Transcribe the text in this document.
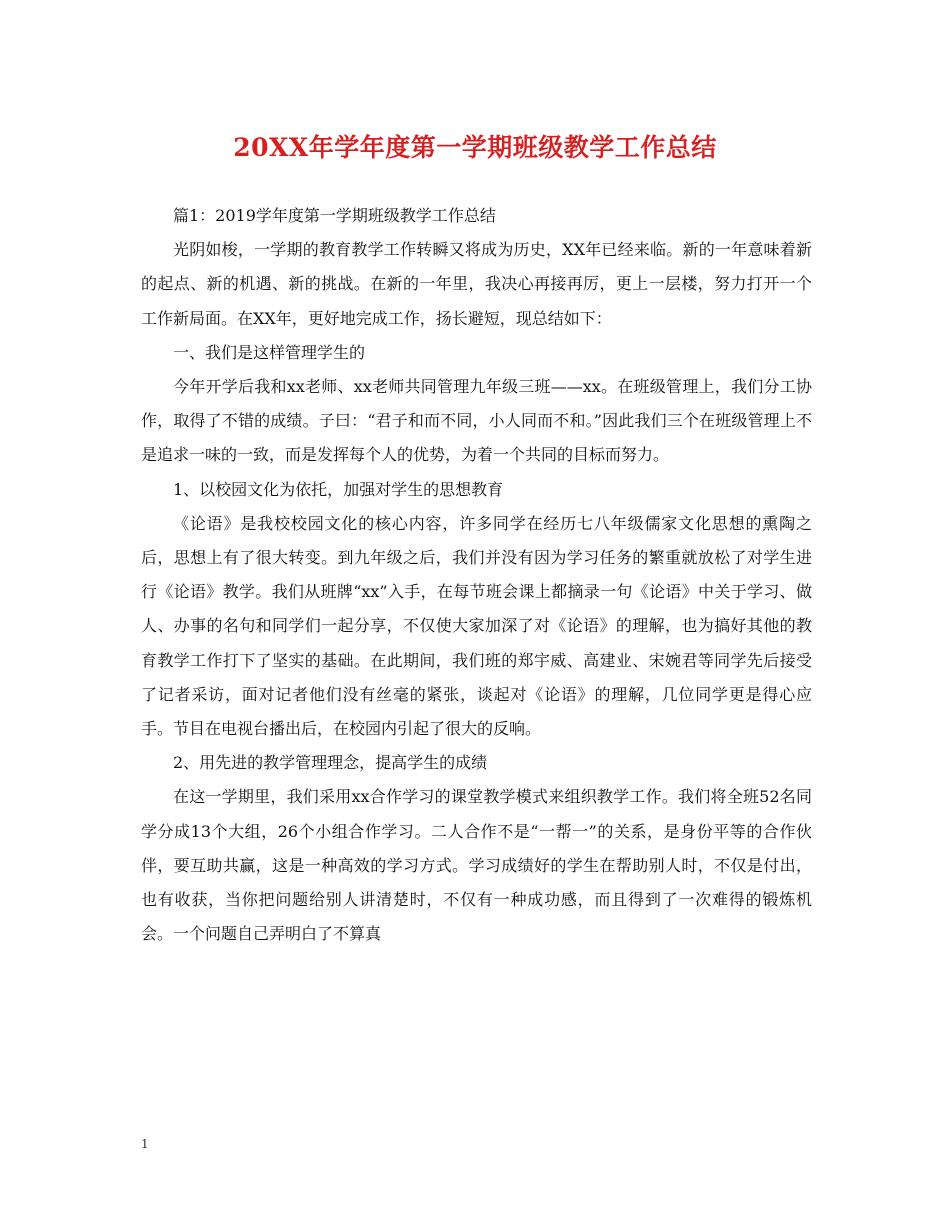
20XX年学年度第一学期班级教学工作总结

篇1：2019学年度第一学期班级教学工作总结

光阴如梭，一学期的教育教学工作转瞬又将成为历史，XX年已经来临。新的一年意味着新的起点、新的机遇、新的挑战。在新的一年里，我决心再接再厉，更上一层楼，努力打开一个工作新局面。在XX年，更好地完成工作，扬长避短，现总结如下：

一、我们是这样管理学生的

今年开学后我和xx老师、xx老师共同管理九年级三班——xx。在班级管理上，我们分工协作，取得了不错的成绩。子曰：“君子和而不同，小人同而不和。”因此我们三个在班级管理上不是追求一味的一致，而是发挥每个人的优势，为着一个共同的目标而努力。

1、以校园文化为依托，加强对学生的思想教育

《论语》是我校校园文化的核心内容，许多同学在经历七八年级儒家文化思想的熏陶之后，思想上有了很大转变。到九年级之后，我们并没有因为学习任务的繁重就放松了对学生进行《论语》教学。我们从班牌“xx”入手，在每节班会课上都摘录一句《论语》中关于学习、做人、办事的名句和同学们一起分享，不仅使大家加深了对《论语》的理解，也为搞好其他的教育教学工作打下了坚实的基础。在此期间，我们班的郑宇威、高建业、宋婉君等同学先后接受了记者采访，面对记者他们没有丝毫的紧张，谈起对《论语》的理解，几位同学更是得心应手。节目在电视台播出后，在校园内引起了很大的反响。

2、用先进的教学管理理念，提高学生的成绩

在这一学期里，我们采用xx合作学习的课堂教学模式来组织教学工作。我们将全班52名同学分成13个大组，26个小组合作学习。二人合作不是“一帮一”的关系，是身份平等的合作伙伴，要互助共赢，这是一种高效的学习方式。学习成绩好的学生在帮助别人时，不仅是付出，也有收获，当你把问题给别人讲清楚时，不仅有一种成功感，而且得到了一次难得的锻炼机会。一个问题自己弄明白了不算真

1
